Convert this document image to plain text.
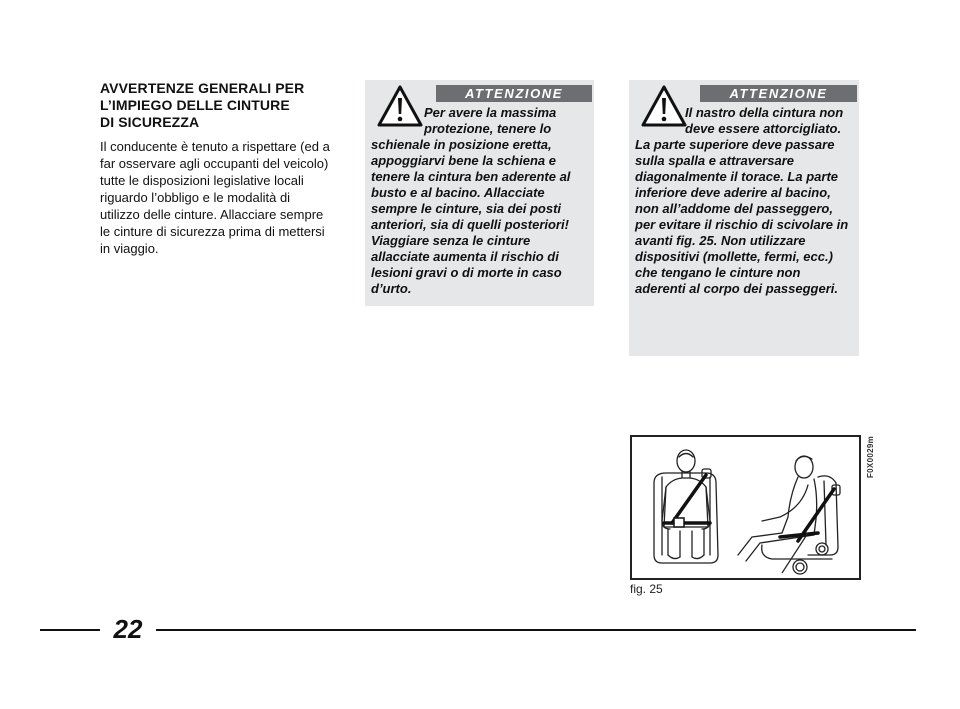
AVVERTENZE GENERALI PER
L’IMPIEGO DELLE CINTURE
DI SICUREZZA

Il conducente è tenuto a rispettare (ed a far osservare agli occupanti del veicolo) tutte le disposizioni legislative locali riguardo l’obbligo e le modalità di utilizzo delle cinture. Allacciare sempre le cinture di sicurezza prima di mettersi in viaggio.

ATTENZIONE
Per avere la massima protezione, tenere lo schienale in posizione eretta, appoggiarvi bene la schiena e tenere la cintura ben aderente al busto e al bacino. Allacciate sempre le cinture, sia dei posti anteriori, sia di quelli posteriori! Viaggiare senza le cinture allacciate aumenta il rischio di lesioni gravi o di morte in caso d’urto.
ATTENZIONE
Il nastro della cintura non deve essere attorcigliato. La parte superiore deve passare sulla spalla e attraversare diagonalmente il torace. La parte inferiore deve aderire al bacino, non all’addome del passeggero, per evitare il rischio di scivolare in avanti fig. 25. Non utilizzare dispositivi (mollette, fermi, ecc.) che tengano le cinture non aderenti al corpo dei passeggeri.
F0X0029m
fig. 25
22
